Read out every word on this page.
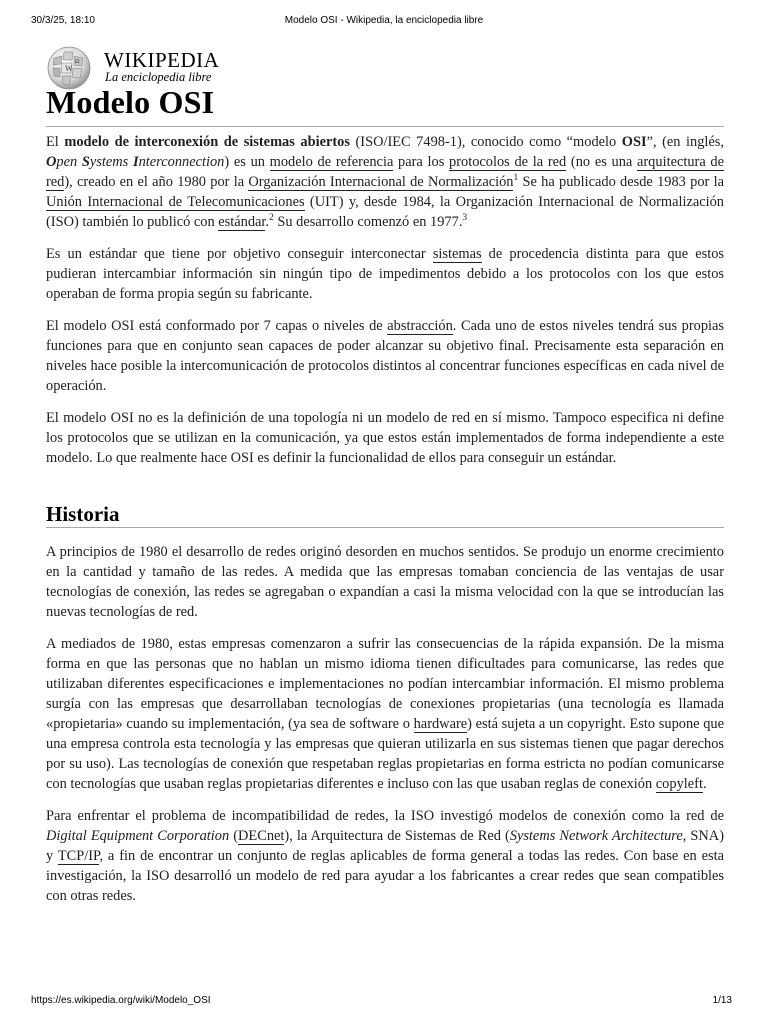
30/3/25, 18:10	Modelo OSI - Wikipedia, la enciclopedia libre
W
Ω WIKIPEDIA
La enciclopedia libre
Modelo OSI

El modelo de interconexión de sistemas abiertos (ISO/IEC 7498-1), conocido como “modelo OSI”, (en inglés, Open Systems Interconnection) es un modelo de referencia para los protocolos de la red (no es una arquitectura de red), creado en el año 1980 por la Organización Internacional de Normalización$^1$ Se ha publicado desde 1983 por la Unión Internacional de Telecomunicaciones (UIT) y, desde 1984, la Organización Internacional de Normalización (ISO) también lo publicó con estándar.$^2$ Su desarrollo comenzó en 1977.$^3$

Es un estándar que tiene por objetivo conseguir interconectar sistemas de procedencia distinta para que estos pudieran intercambiar información sin ningún tipo de impedimentos debido a los protocolos con los que estos operaban de forma propia según su fabricante.

El modelo OSI está conformado por 7 capas o niveles de abstracción. Cada uno de estos niveles tendrá sus propias funciones para que en conjunto sean capaces de poder alcanzar su objetivo final. Precisamente esta separación en niveles hace posible la intercomunicación de protocolos distintos al concentrar funciones específicas en cada nivel de operación.

El modelo OSI no es la definición de una topología ni un modelo de red en sí mismo. Tampoco especifica ni define los protocolos que se utilizan en la comunicación, ya que estos están implementados de forma independiente a este modelo. Lo que realmente hace OSI es definir la funcionalidad de ellos para conseguir un estándar.

Historia

A principios de 1980 el desarrollo de redes originó desorden en muchos sentidos. Se produjo un enorme crecimiento en la cantidad y tamaño de las redes. A medida que las empresas tomaban conciencia de las ventajas de usar tecnologías de conexión, las redes se agregaban o expandían a casi la misma velocidad con la que se introducían las nuevas tecnologías de red.

A mediados de 1980, estas empresas comenzaron a sufrir las consecuencias de la rápida expansión. De la misma forma en que las personas que no hablan un mismo idioma tienen dificultades para comunicarse, las redes que utilizaban diferentes especificaciones e implementaciones no podían intercambiar información. El mismo problema surgía con las empresas que desarrollaban tecnologías de conexiones propietarias (una tecnología es llamada «propietaria» cuando su implementación, (ya sea de software o hardware) está sujeta a un copyright. Esto supone que una empresa controla esta tecnología y las empresas que quieran utilizarla en sus sistemas tienen que pagar derechos por su uso). Las tecnologías de conexión que respetaban reglas propietarias en forma estricta no podían comunicarse con tecnologías que usaban reglas propietarias diferentes e incluso con las que usaban reglas de conexión copyleft.

Para enfrentar el problema de incompatibilidad de redes, la ISO investigó modelos de conexión como la red de Digital Equipment Corporation (DECnet), la Arquitectura de Sistemas de Red (Systems Network Architecture, SNA) y TCP/IP, a fin de encontrar un conjunto de reglas aplicables de forma general a todas las redes. Con base en esta investigación, la ISO desarrolló un modelo de red para ayudar a los fabricantes a crear redes que sean compatibles con otras redes.

https://es.wikipedia.org/wiki/Modelo_OSI	1/13
